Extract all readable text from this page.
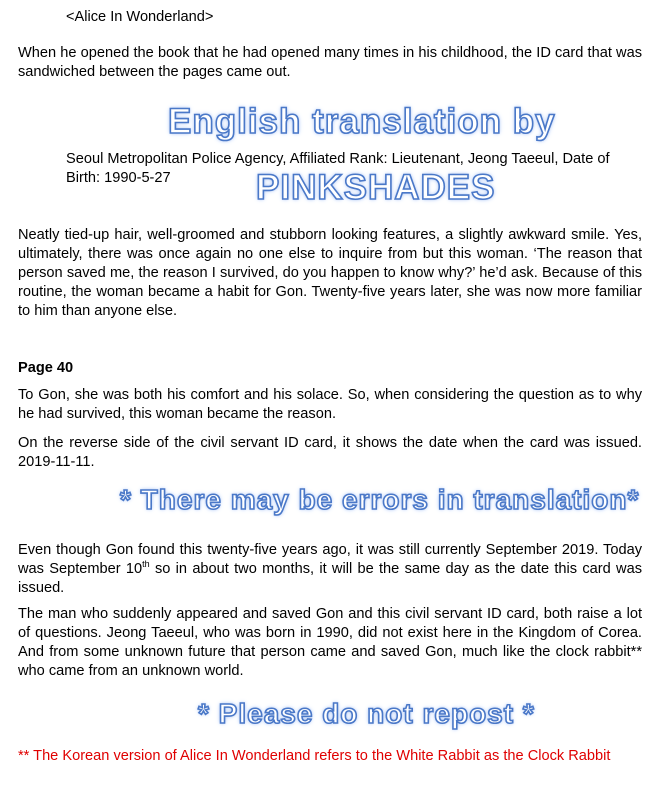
<Alice In Wonderland>

When he opened the book that he had opened many times in his childhood, the ID card that was sandwiched between the pages came out.

English translation by

Seoul Metropolitan Police Agency, Affiliated Rank: Lieutenant, Jeong Taeeul, Date of Birth: 1990-5-27	PINKSHADES

Neatly tied-up hair, well-groomed and stubborn looking features, a slightly awkward smile. Yes, ultimately, there was once again no one else to inquire from but this woman. ‘The reason that person saved me, the reason I survived, do you happen to know why?’ he’d ask. Because of this routine, the woman became a habit for Gon. Twenty-five years later, she was now more familiar to him than anyone else.

Page 40

To Gon, she was both his comfort and his solace. So, when considering the question as to why he had survived, this woman became the reason.

On the reverse side of the civil servant ID card, it shows the date when the card was issued. 2019-11-11.

* There may be errors in translation*

Even though Gon found this twenty-five years ago, it was still currently September 2019. Today was September 10th so in about two months, it will be the same day as the date this card was issued.

The man who suddenly appeared and saved Gon and this civil servant ID card, both raise a lot of questions. Jeong Taeeul, who was born in 1990, did not exist here in the Kingdom of Corea. And from some unknown future that person came and saved Gon, much like the clock rabbit** who came from an unknown world.

* Please do not repost *

** The Korean version of Alice In Wonderland refers to the White Rabbit as the Clock Rabbit
